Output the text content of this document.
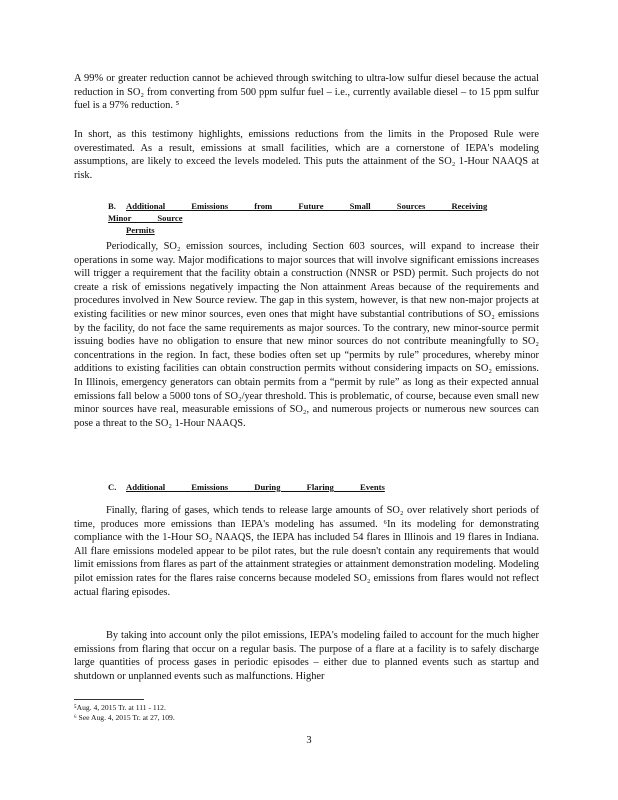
A 99% or greater reduction cannot be achieved through switching to ultra-low sulfur diesel because the actual reduction in SO₂ from converting from 500 ppm sulfur fuel – i.e., currently available diesel – to 15 ppm sulfur fuel is a 97% reduction. ⁵

In short, as this testimony highlights, emissions reductions from the limits in the Proposed Rule were overestimated. As a result, emissions at small facilities, which are a cornerstone of IEPA's modeling assumptions, are likely to exceed the levels modeled. This puts the attainment of the SO₂ 1-Hour NAAQS at risk.

B. Additional Emissions from Future Small Sources Receiving Minor Source
Permits

Periodically, SO₂ emission sources, including Section 603 sources, will expand to increase their operations in some way. Major modifications to major sources that will involve significant emissions increases will trigger a requirement that the facility obtain a construction (NNSR or PSD) permit. Such projects do not create a risk of emissions negatively impacting the Non attainment Areas because of the requirements and procedures involved in New Source review. The gap in this system, however, is that new non-major projects at existing facilities or new minor sources, even ones that might have substantial contributions of SO₂ emissions by the facility, do not face the same requirements as major sources. To the contrary, new minor-source permit issuing bodies have no obligation to ensure that new minor sources do not contribute meaningfully to SO₂ concentrations in the region. In fact, these bodies often set up “permits by rule” procedures, whereby minor additions to existing facilities can obtain construction permits without considering impacts on SO₂ emissions. In Illinois, emergency generators can obtain permits from a “permit by rule” as long as their expected annual emissions fall below a 5000 tons of SO₂/year threshold. This is problematic, of course, because even small new minor sources have real, measurable emissions of SO₂, and numerous projects or numerous new sources can pose a threat to the SO₂ 1-Hour NAAQS.

C. Additional Emissions During Flaring Events

Finally, flaring of gases, which tends to release large amounts of SO₂ over relatively short periods of time, produces more emissions than IEPA's modeling has assumed. ⁶In its modeling for demonstrating compliance with the 1-Hour SO₂ NAAQS, the IEPA has included 54 flares in Illinois and 19 flares in Indiana. All flare emissions modeled appear to be pilot rates, but the rule doesn't contain any requirements that would limit emissions from flares as part of the attainment strategies or attainment demonstration modeling. Modeling pilot emission rates for the flares raise concerns because modeled SO₂ emissions from flares would not reflect actual flaring episodes.

By taking into account only the pilot emissions, IEPA's modeling failed to account for the much higher emissions from flaring that occur on a regular basis. The purpose of a flare at a facility is to safely discharge large quantities of process gases in periodic episodes – either due to planned events such as startup and shutdown or unplanned events such as malfunctions. Higher

⁵Aug. 4, 2015 Tr. at 111 - 112.
⁶ See Aug. 4, 2015 Tr. at 27, 109.
3
